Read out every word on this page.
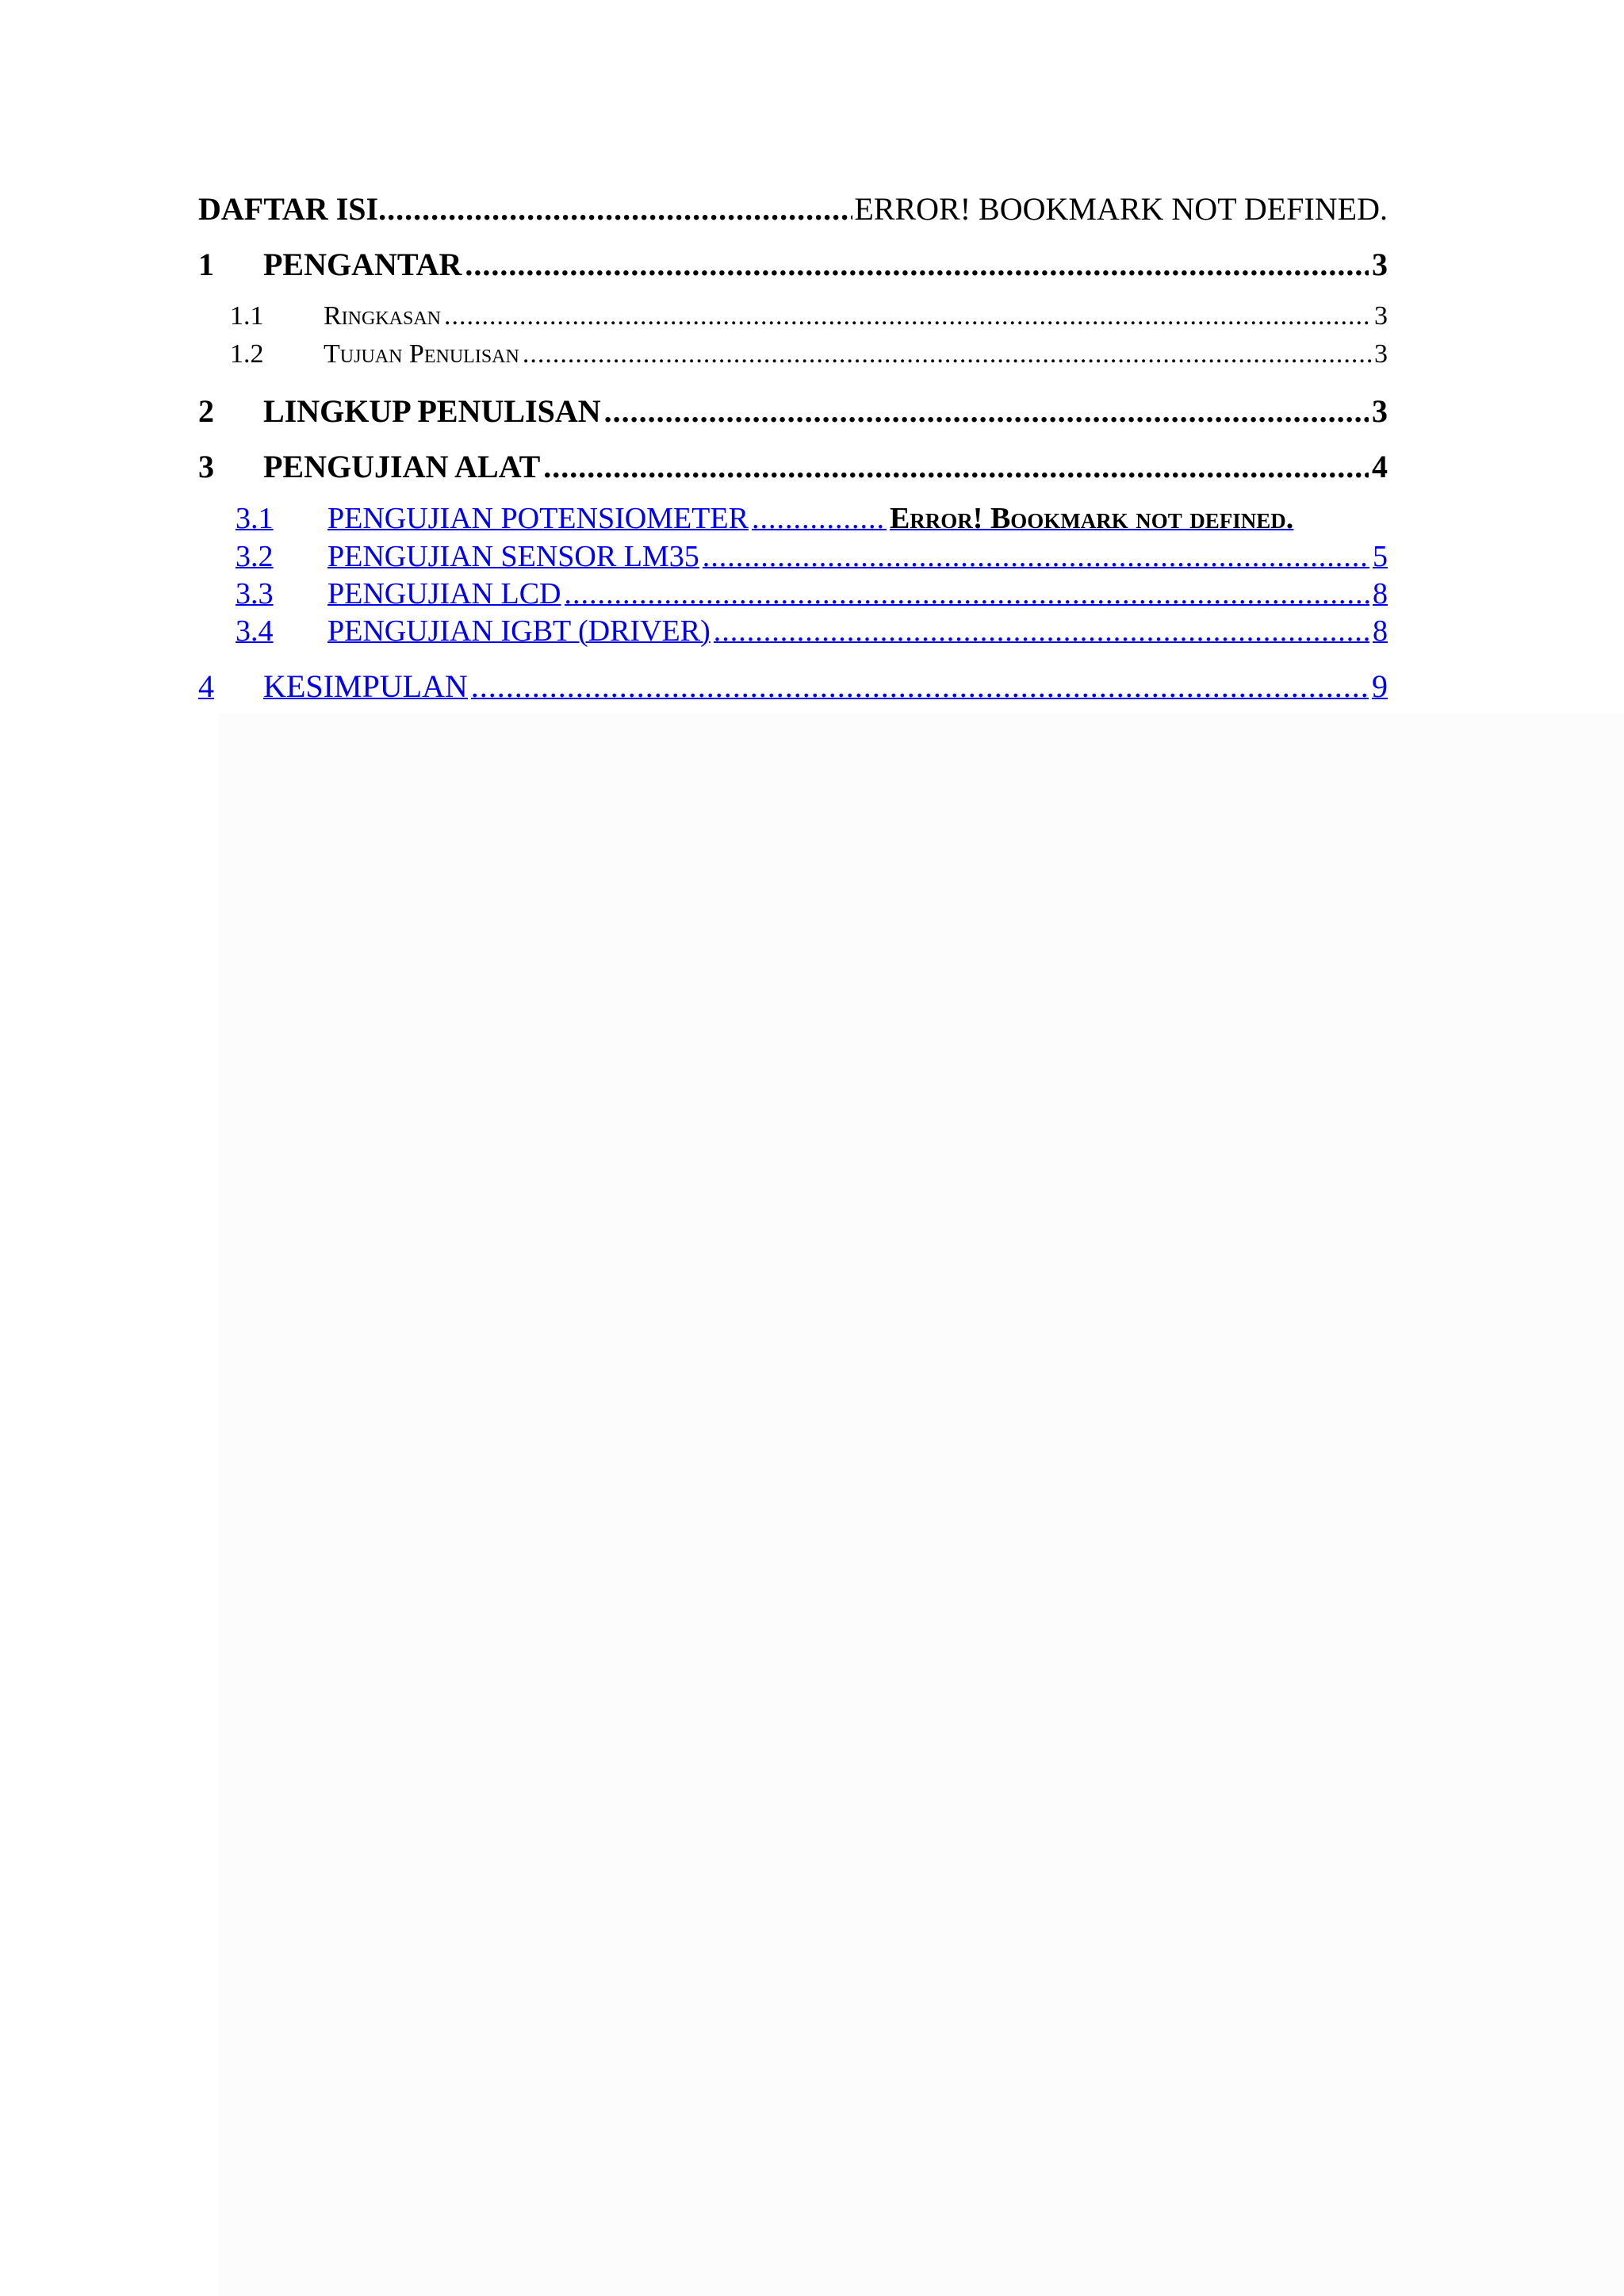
DAFTAR ISI .....	ERROR! BOOKMARK NOT DEFINED.
1	PENGANTAR .....	3
1.1	Ringkasan .....	3
1.2	Tujuan Penulisan .....	3
2	LINGKUP PENULISAN .....	3
3	PENGUJIAN ALAT .....	4
3.1	PENGUJIAN POTENSIOMETER .....	Error! Bookmark not defined.
3.2	PENGUJIAN SENSOR LM35 .....	5
3.3	PENGUJIAN LCD .....	8
3.4	PENGUJIAN IGBT (DRIVER) .....	8
4	KESIMPULAN .....	9
